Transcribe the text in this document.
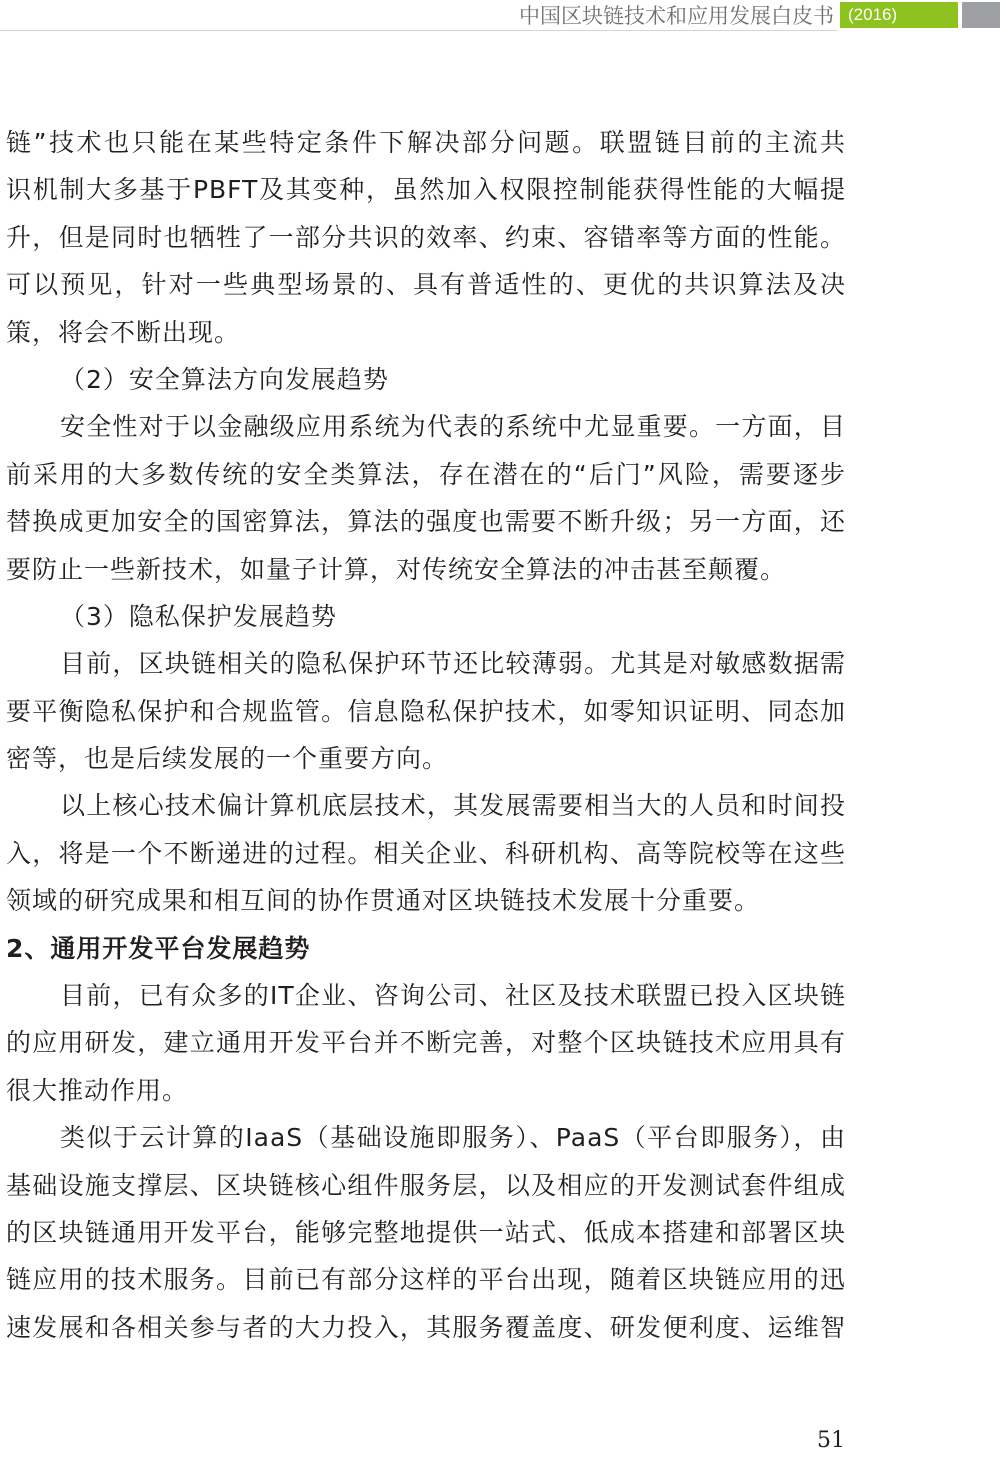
中国区块链技术和应用发展白皮书 (2016)
链”技术也只能在某些特定条件下解决部分问题。联盟链目前的主流共
识机制大多基于PBFT及其变种，虽然加入权限控制能获得性能的大幅提
升，但是同时也牺牲了一部分共识的效率、约束、容错率等方面的性能。
可以预见，针对一些典型场景的、具有普适性的、更优的共识算法及决
策，将会不断出现。
（2）安全算法方向发展趋势
安全性对于以金融级应用系统为代表的系统中尤显重要。一方面，目
前采用的大多数传统的安全类算法，存在潜在的“后门”风险，需要逐步
替换成更加安全的国密算法，算法的强度也需要不断升级；另一方面，还
要防止一些新技术，如量子计算，对传统安全算法的冲击甚至颠覆。
（3）隐私保护发展趋势
目前，区块链相关的隐私保护环节还比较薄弱。尤其是对敏感数据需
要平衡隐私保护和合规监管。信息隐私保护技术，如零知识证明、同态加
密等，也是后续发展的一个重要方向。
以上核心技术偏计算机底层技术，其发展需要相当大的人员和时间投
入，将是一个不断递进的过程。相关企业、科研机构、高等院校等在这些
领域的研究成果和相互间的协作贯通对区块链技术发展十分重要。
2、通用开发平台发展趋势
目前，已有众多的IT企业、咨询公司、社区及技术联盟已投入区块链
的应用研发，建立通用开发平台并不断完善，对整个区块链技术应用具有
很大推动作用。
类似于云计算的IaaS（基础设施即服务）、PaaS（平台即服务），由
基础设施支撑层、区块链核心组件服务层，以及相应的开发测试套件组成
的区块链通用开发平台，能够完整地提供一站式、低成本搭建和部署区块
链应用的技术服务。目前已有部分这样的平台出现，随着区块链应用的迅
速发展和各相关参与者的大力投入，其服务覆盖度、研发便利度、运维智
51
